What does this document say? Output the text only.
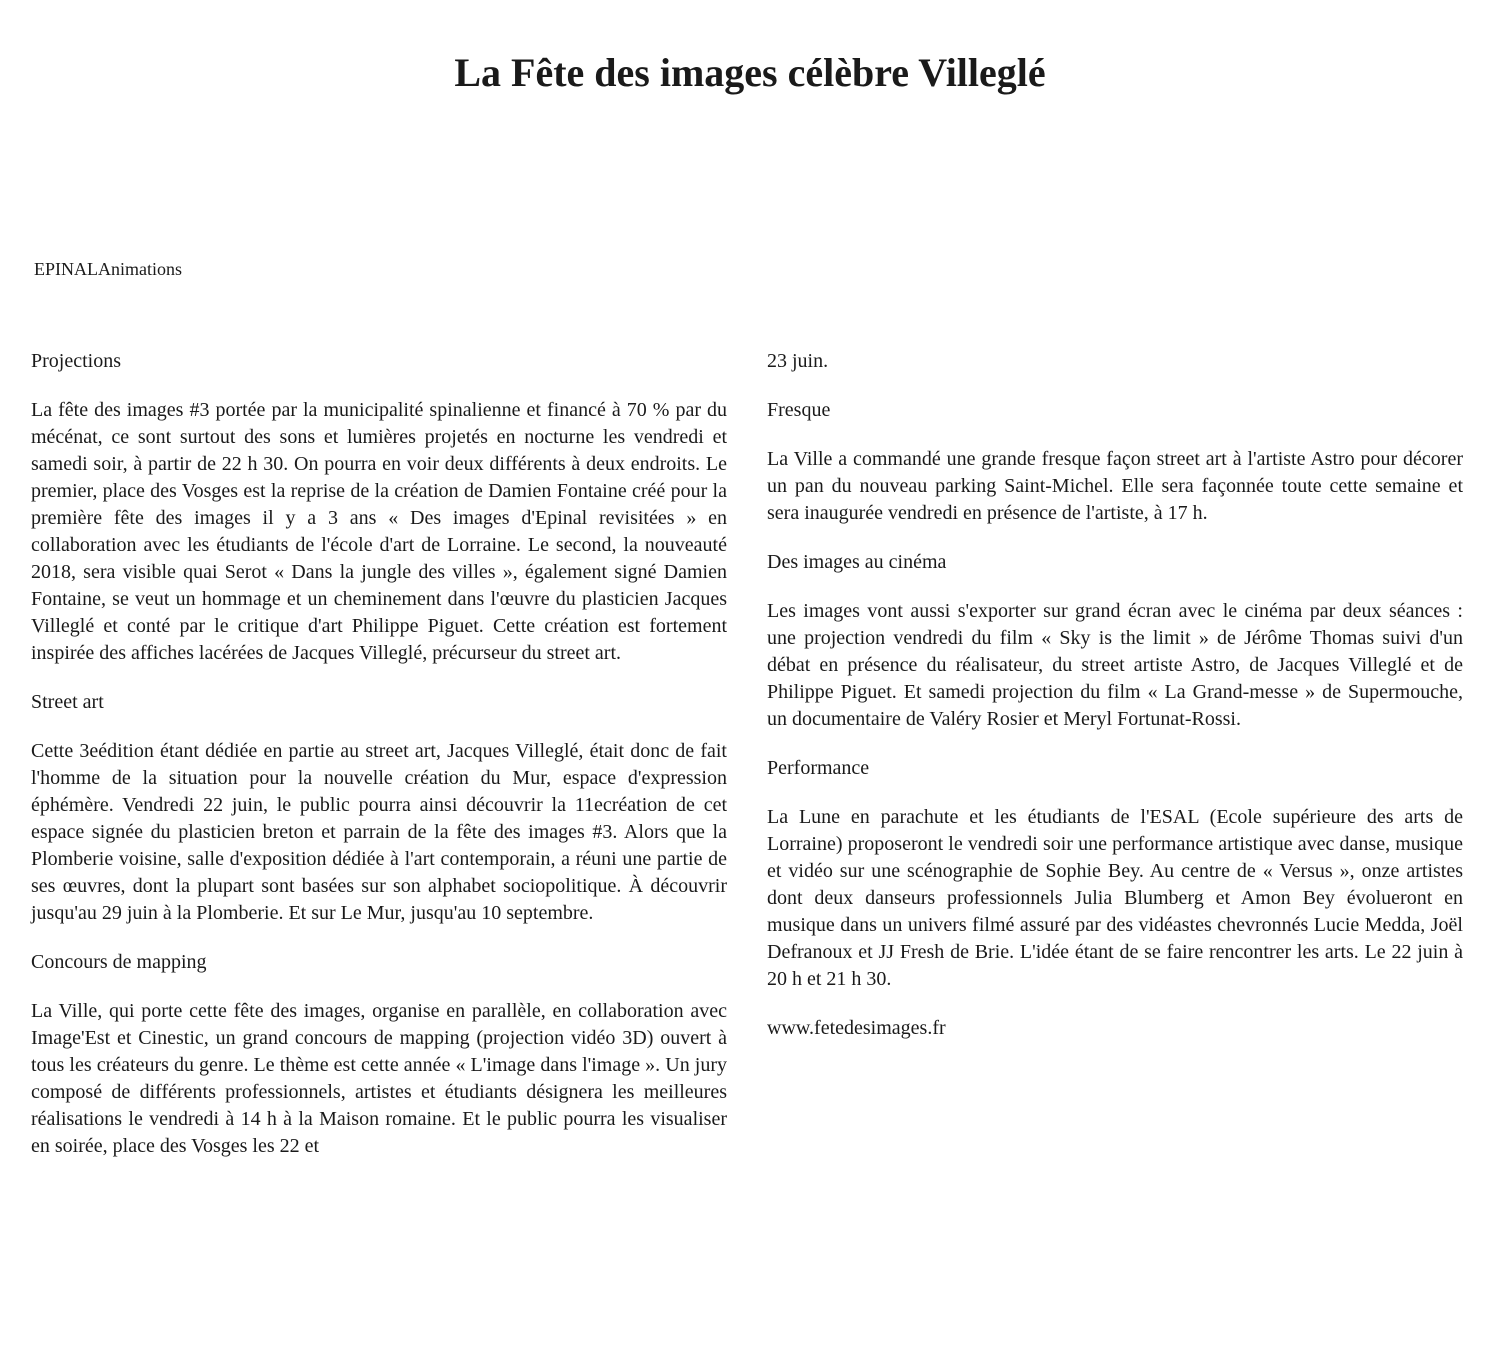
La Fête des images célèbre Villeglé

EPINALAnimations

Projections

La fête des images #3 portée par la municipalité spinalienne et financé à 70 % par du mécénat, ce sont surtout des sons et lumières projetés en nocturne les vendredi et samedi soir, à partir de 22 h 30. On pourra en voir deux différents à deux endroits. Le premier, place des Vosges est la reprise de la création de Damien Fontaine créé pour la première fête des images il y a 3 ans « Des images d'Epinal revisitées » en collaboration avec les étudiants de l'école d'art de Lorraine. Le second, la nouveauté 2018, sera visible quai Serot « Dans la jungle des villes », également signé Damien Fontaine, se veut un hommage et un cheminement dans l'œuvre du plasticien Jacques Villeglé et conté par le critique d'art Philippe Piguet. Cette création est fortement inspirée des affiches lacérées de Jacques Villeglé, précurseur du street art.

Street art

Cette 3eédition étant dédiée en partie au street art, Jacques Villeglé, était donc de fait l'homme de la situation pour la nouvelle création du Mur, espace d'expression éphémère. Vendredi 22 juin, le public pourra ainsi découvrir la 11ecréation de cet espace signée du plasticien breton et parrain de la fête des images #3. Alors que la Plomberie voisine, salle d'exposition dédiée à l'art contemporain, a réuni une partie de ses œuvres, dont la plupart sont basées sur son alphabet sociopolitique. À découvrir jusqu'au 29 juin à la Plomberie. Et sur Le Mur, jusqu'au 10 septembre.

Concours de mapping

La Ville, qui porte cette fête des images, organise en parallèle, en collaboration avec Image'Est et Cinestic, un grand concours de mapping (projection vidéo 3D) ouvert à tous les créateurs du genre. Le thème est cette année « L'image dans l'image ». Un jury composé de différents professionnels, artistes et étudiants désignera les meilleures réalisations le vendredi à 14 h à la Maison romaine. Et le public pourra les visualiser en soirée, place des Vosges les 22 et

23 juin.

Fresque

La Ville a commandé une grande fresque façon street art à l'artiste Astro pour décorer un pan du nouveau parking Saint-Michel. Elle sera façonnée toute cette semaine et sera inaugurée vendredi en présence de l'artiste, à 17 h.

Des images au cinéma

Les images vont aussi s'exporter sur grand écran avec le cinéma par deux séances : une projection vendredi du film « Sky is the limit » de Jérôme Thomas suivi d'un débat en présence du réalisateur, du street artiste Astro, de Jacques Villeglé et de Philippe Piguet. Et samedi projection du film « La Grand-messe » de Supermouche, un documentaire de Valéry Rosier et Meryl Fortunat-Rossi.

Performance

La Lune en parachute et les étudiants de l'ESAL (Ecole supérieure des arts de Lorraine) proposeront le vendredi soir une performance artistique avec danse, musique et vidéo sur une scénographie de Sophie Bey. Au centre de « Versus », onze artistes dont deux danseurs professionnels Julia Blumberg et Amon Bey évolueront en musique dans un univers filmé assuré par des vidéastes chevronnés Lucie Medda, Joël Defranoux et JJ Fresh de Brie. L'idée étant de se faire rencontrer les arts. Le 22 juin à 20 h et 21 h 30.

www.fetedesimages.fr
